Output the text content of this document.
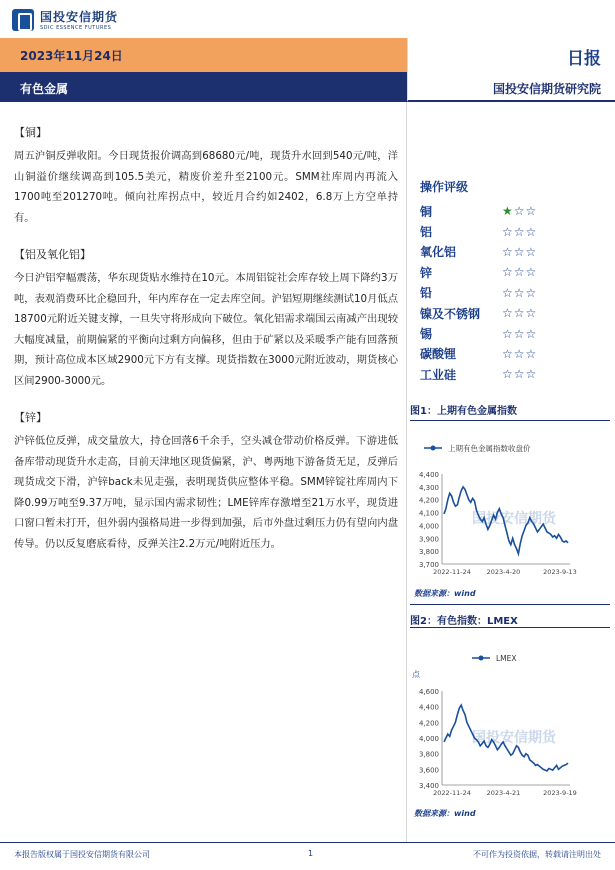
国投安信期货
SDIC ESSENCE FUTURES
2023年11月24日	日报
有色金属	国投安信期货研究院
【铜】
周五沪铜反弹收阳。今日现货报价调高到68680元/吨，现货升水回到540元/吨，洋山铜溢价继续调高到105.5美元，精废价差升至2100元。SMM社库周内再流入1700吨至201270吨。倾向社库拐点中，较近月合约如2402，6.8万上方空单持有。
【铝及氧化铝】
今日沪铝窄幅震荡，华东现货贴水维持在10元。本周铝锭社会库存较上周下降约3万吨，表观消费环比企稳回升，年内库存在一定去库空间。沪铝短期继续测试10月低点18700元附近关键支撑，一旦失守将形成向下破位。氧化铝需求端国云南减产出现较大幅度减量，前期偏紧的平衡向过剩方向偏移，但由于矿紧以及采暖季产能有回落预期，预计高位成本区域2900元下方有支撑。现货指数在3000元附近波动，期货核心区间2900-3000元。
【锌】
沪锌低位反弹，成交量放大，持仓回落6千余手，空头减仓带动价格反弹。下游进低备库带动现货升水走高，目前天津地区现货偏紧，沪、粤两地下游备货无足，反弹后现货成交下滑，沪锌back未见走强，表明现货供应整体平稳。SMM锌锭社库周内下降0.99万吨至9.37万吨，显示国内需求韧性；LME锌库存激增至21万水平，现货进口窗口暂未打开，但外弱内强格局进一步得到加强，后市外盘过剩压力仍有望向内盘传导。仍以反复磨底看待，反弹关注2.2万元/吨附近压力。
操作评级
铜	★☆☆
铝	☆☆☆
氧化铝	☆☆☆
锌	☆☆☆
铅	☆☆☆
镍及不锈钢	☆☆☆
锡	☆☆☆
碳酸锂	☆☆☆
工业硅	☆☆☆
图1：上期有色金属指数
上期有色金属指数收盘价
3,700
3,800
3,900
4,000
4,100
4,200
4,300
4,400
国投安信期货
2022-11-24 2023-4-20	2023-9-13
数据来源：wind
图2：有色指数：LMEX
LMEX
点
3,400
3,600
3,800
4,000
4,200
4,400
4,600
国投安信期货
2022-11-24 2023-4-21	2023-9-19
数据来源：wind
本报告版权属于国投安信期货有限公司	1	不可作为投资依据，转载请注明出处
